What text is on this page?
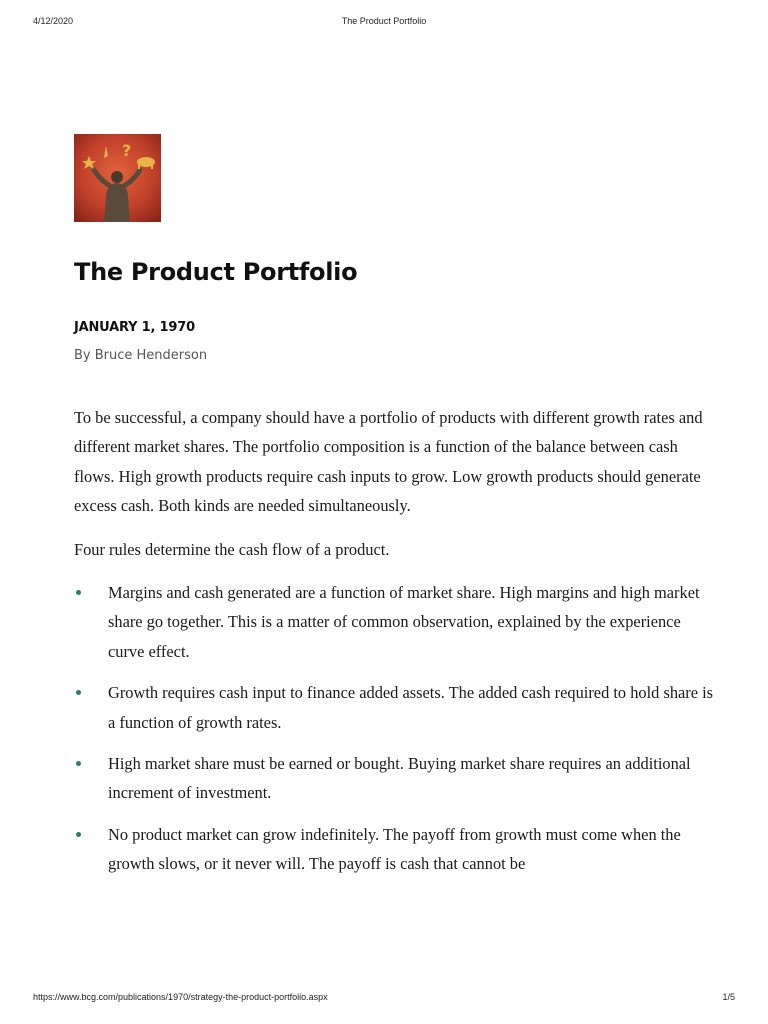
4/12/2020	The Product Portfolio
?
The Product Portfolio
JANUARY 1, 1970
By Bruce Henderson

To be successful, a company should have a portfolio of products with different growth rates and different market shares. The portfolio composition is a function of the balance between cash flows. High growth products require cash inputs to grow. Low growth products should generate excess cash. Both kinds are needed simultaneously.

Four rules determine the cash flow of a product.

Margins and cash generated are a function of market share. High margins and high market share go together. This is a matter of common observation, explained by the experience curve effect.
Growth requires cash input to finance added assets. The added cash required to hold share is a function of growth rates.
High market share must be earned or bought. Buying market share requires an additional increment of investment.
No product market can grow indefinitely. The payoff from growth must come when the growth slows, or it never will. The payoff is cash that cannot be
https://www.bcg.com/publications/1970/strategy-the-product-portfolio.aspx	1/5
